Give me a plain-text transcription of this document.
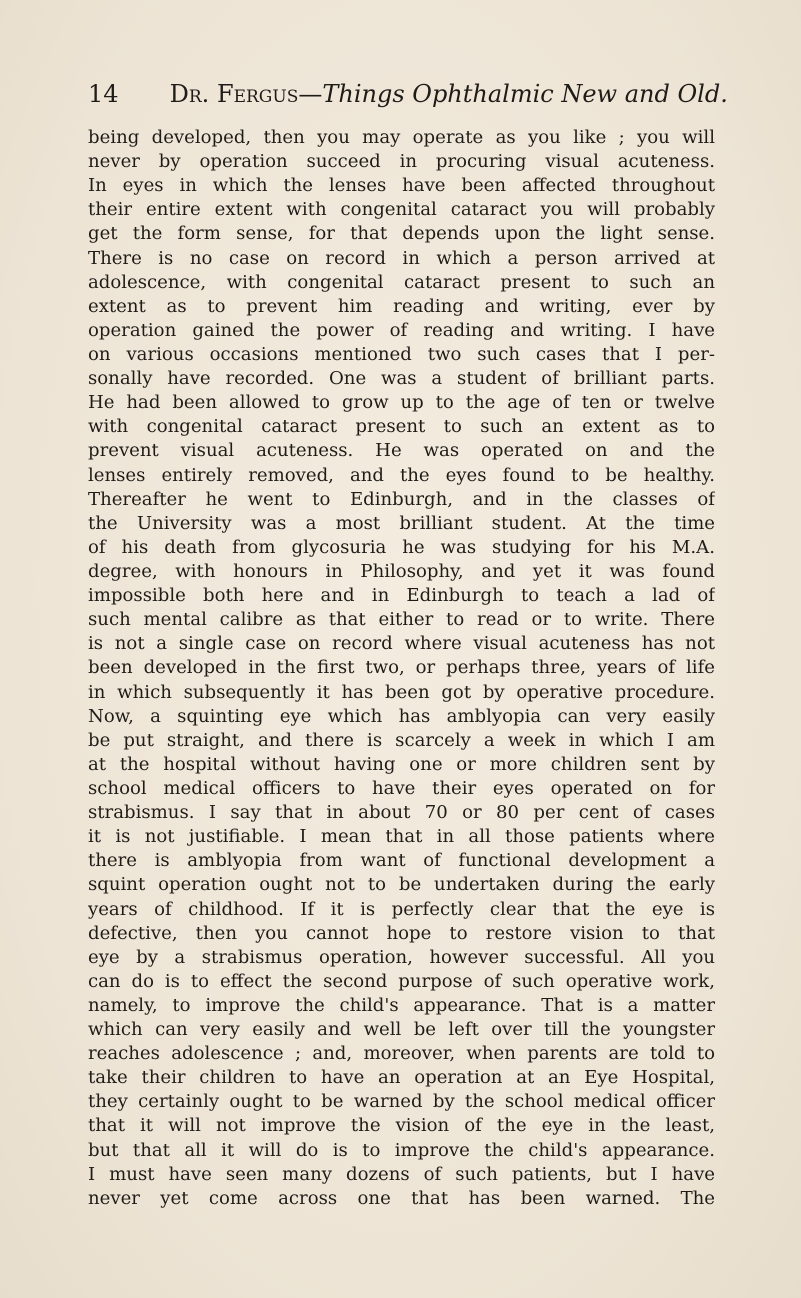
14 Dr. Fergus—Things Ophthalmic New and Old.
being developed, then you may operate as you like ; you will
never by operation succeed in procuring visual acuteness.
In eyes in which the lenses have been affected throughout
their entire extent with congenital cataract you will probably
get the form sense, for that depends upon the light sense.
There is no case on record in which a person arrived at
adolescence, with congenital cataract present to such an
extent as to prevent him reading and writing, ever by
operation gained the power of reading and writing. I have
on various occasions mentioned two such cases that I per-
sonally have recorded. One was a student of brilliant parts.
He had been allowed to grow up to the age of ten or twelve
with congenital cataract present to such an extent as to
prevent visual acuteness. He was operated on and the
lenses entirely removed, and the eyes found to be healthy.
Thereafter he went to Edinburgh, and in the classes of
the University was a most brilliant student. At the time
of his death from glycosuria he was studying for his M.A.
degree, with honours in Philosophy, and yet it was found
impossible both here and in Edinburgh to teach a lad of
such mental calibre as that either to read or to write. There
is not a single case on record where visual acuteness has not
been developed in the first two, or perhaps three, years of life
in which subsequently it has been got by operative procedure.
Now, a squinting eye which has amblyopia can very easily
be put straight, and there is scarcely a week in which I am
at the hospital without having one or more children sent by
school medical officers to have their eyes operated on for
strabismus. I say that in about 70 or 80 per cent of cases
it is not justifiable. I mean that in all those patients where
there is amblyopia from want of functional development a
squint operation ought not to be undertaken during the early
years of childhood. If it is perfectly clear that the eye is
defective, then you cannot hope to restore vision to that
eye by a strabismus operation, however successful. All you
can do is to effect the second purpose of such operative work,
namely, to improve the child's appearance. That is a matter
which can very easily and well be left over till the youngster
reaches adolescence ; and, moreover, when parents are told to
take their children to have an operation at an Eye Hospital,
they certainly ought to be warned by the school medical officer
that it will not improve the vision of the eye in the least,
but that all it will do is to improve the child's appearance.
I must have seen many dozens of such patients, but I have
never yet come across one that has been warned. The
